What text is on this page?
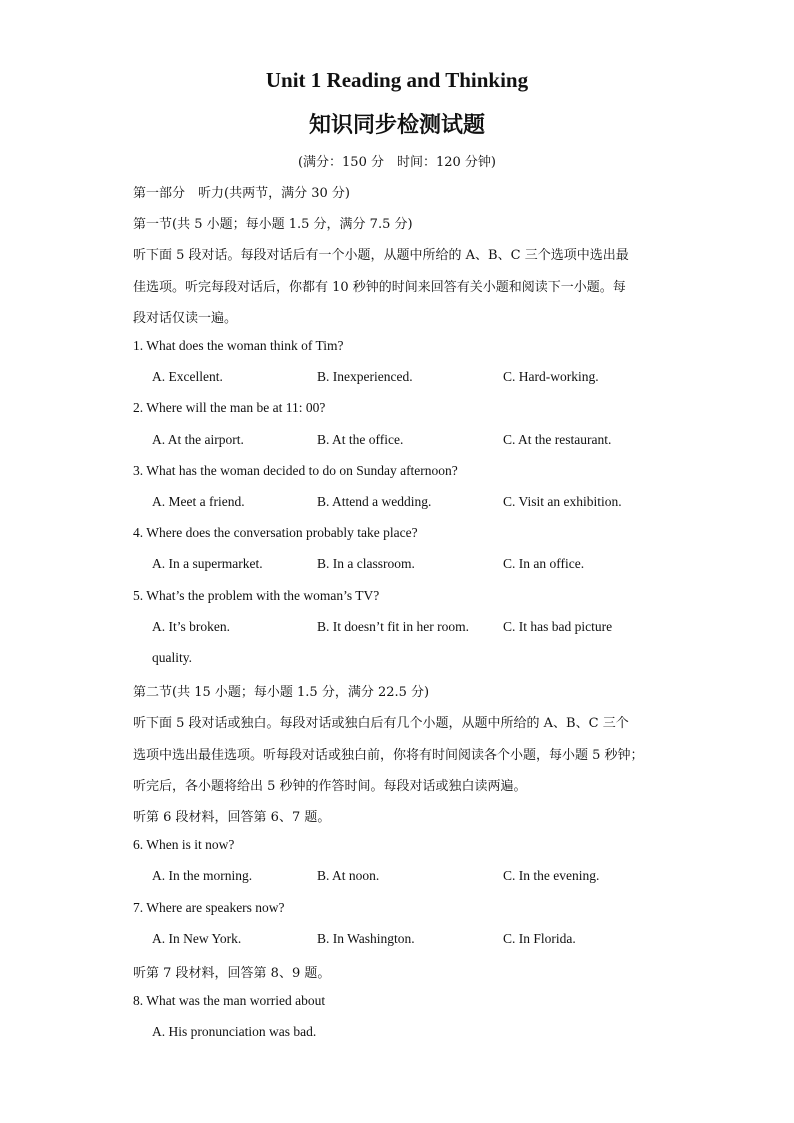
Unit 1 Reading and Thinking
知识同步检测试题
(满分：150 分　时间：120 分钟)
第一部分　听力(共两节，满分 30 分)
第一节(共 5 小题；每小题 1.5 分，满分 7.5 分)
听下面 5 段对话。每段对话后有一个小题，从题中所给的 A、B、C 三个选项中选出最
佳选项。听完每段对话后，你都有 10 秒钟的时间来回答有关小题和阅读下一小题。每
段对话仅读一遍。
1. What does the woman think of Tim?
A. Excellent.	B. Inexperienced.	C. Hard-working.
2. Where will the man be at 11: 00?
A. At the airport.	B. At the office.	C. At the restaurant.
3. What has the woman decided to do on Sunday afternoon?
A. Meet a friend.	B. Attend a wedding.	C. Visit an exhibition.
4. Where does the conversation probably take place?
A. In a supermarket.	B. In a classroom.	C. In an office.
5. What’s the problem with the woman’s TV?
A. It’s broken.	B. It doesn’t fit in her room.	C. It has bad picture
quality.
第二节(共 15 小题；每小题 1.5 分，满分 22.5 分)
听下面 5 段对话或独白。每段对话或独白后有几个小题，从题中所给的 A、B、C 三个
选项中选出最佳选项。听每段对话或独白前，你将有时间阅读各个小题，每小题 5 秒钟；
听完后，各小题将给出 5 秒钟的作答时间。每段对话或独白读两遍。
听第 6 段材料，回答第 6、7 题。
6. When is it now?
A. In the morning.	B. At noon.	C. In the evening.
7. Where are speakers now?
A. In New York.	B. In Washington.	C. In Florida.
听第 7 段材料，回答第 8、9 题。
8. What was the man worried about
A. His pronunciation was bad.
